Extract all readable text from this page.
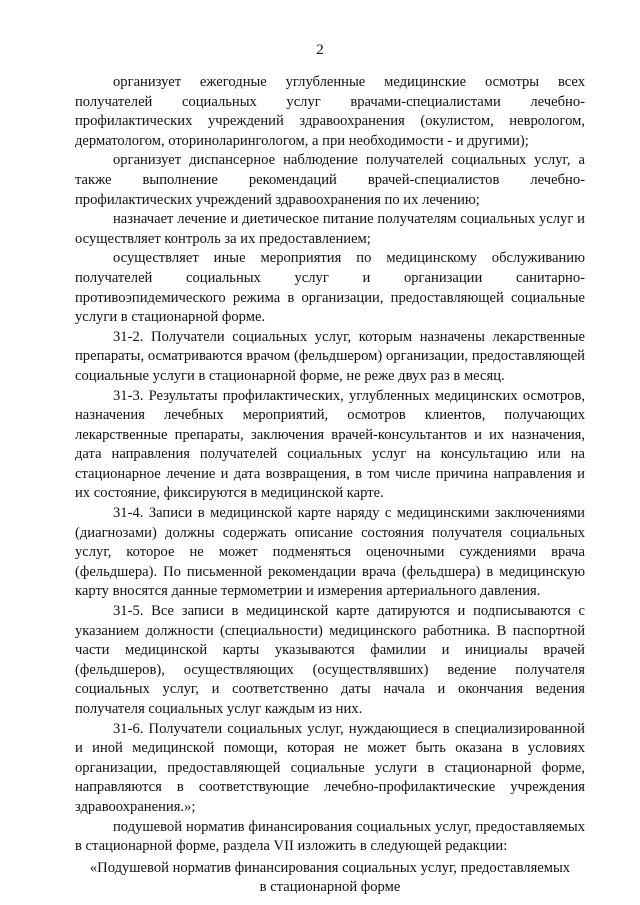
2

организует ежегодные углубленные медицинские осмотры всех получателей социальных услуг врачами-специалистами лечебно-профилактических учреждений здравоохранения (окулистом, неврологом, дерматологом, оториноларингологом, а при необходимости - и другими);

организует диспансерное наблюдение получателей социальных услуг, а также выполнение рекомендаций врачей-специалистов лечебно-профилактических учреждений здравоохранения по их лечению;

назначает лечение и диетическое питание получателям социальных услуг и осуществляет контроль за их предоставлением;

осуществляет иные мероприятия по медицинскому обслуживанию получателей социальных услуг и организации санитарно-противоэпидемического режима в организации, предоставляющей социальные услуги в стационарной форме.

31-2. Получатели социальных услуг, которым назначены лекарственные препараты, осматриваются врачом (фельдшером) организации, предоставляющей социальные услуги в стационарной форме, не реже двух раз в месяц.

31-3. Результаты профилактических, углубленных медицинских осмотров, назначения лечебных мероприятий, осмотров клиентов, получающих лекарственные препараты, заключения врачей-консультантов и их назначения, дата направления получателей социальных услуг на консультацию или на стационарное лечение и дата возвращения, в том числе причина направления и их состояние, фиксируются в медицинской карте.

31-4. Записи в медицинской карте наряду с медицинскими заключениями (диагнозами) должны содержать описание состояния получателя социальных услуг, которое не может подменяться оценочными суждениями врача (фельдшера). По письменной рекомендации врача (фельдшера) в медицинскую карту вносятся данные термометрии и измерения артериального давления.

31-5. Все записи в медицинской карте датируются и подписываются с указанием должности (специальности) медицинского работника. В паспортной части медицинской карты указываются фамилии и инициалы врачей (фельдшеров), осуществляющих (осуществлявших) ведение получателя социальных услуг, и соответственно даты начала и окончания ведения получателя социальных услуг каждым из них.

31-6. Получатели социальных услуг, нуждающиеся в специализированной и иной медицинской помощи, которая не может быть оказана в условиях организации, предоставляющей социальные услуги в стационарной форме, направляются в соответствующие лечебно-профилактические учреждения здравоохранения.»;

подушевой норматив финансирования социальных услуг, предоставляемых в стационарной форме, раздела VII изложить в следующей редакции:

«Подушевой норматив финансирования социальных услуг, предоставляемых
в стационарной форме
